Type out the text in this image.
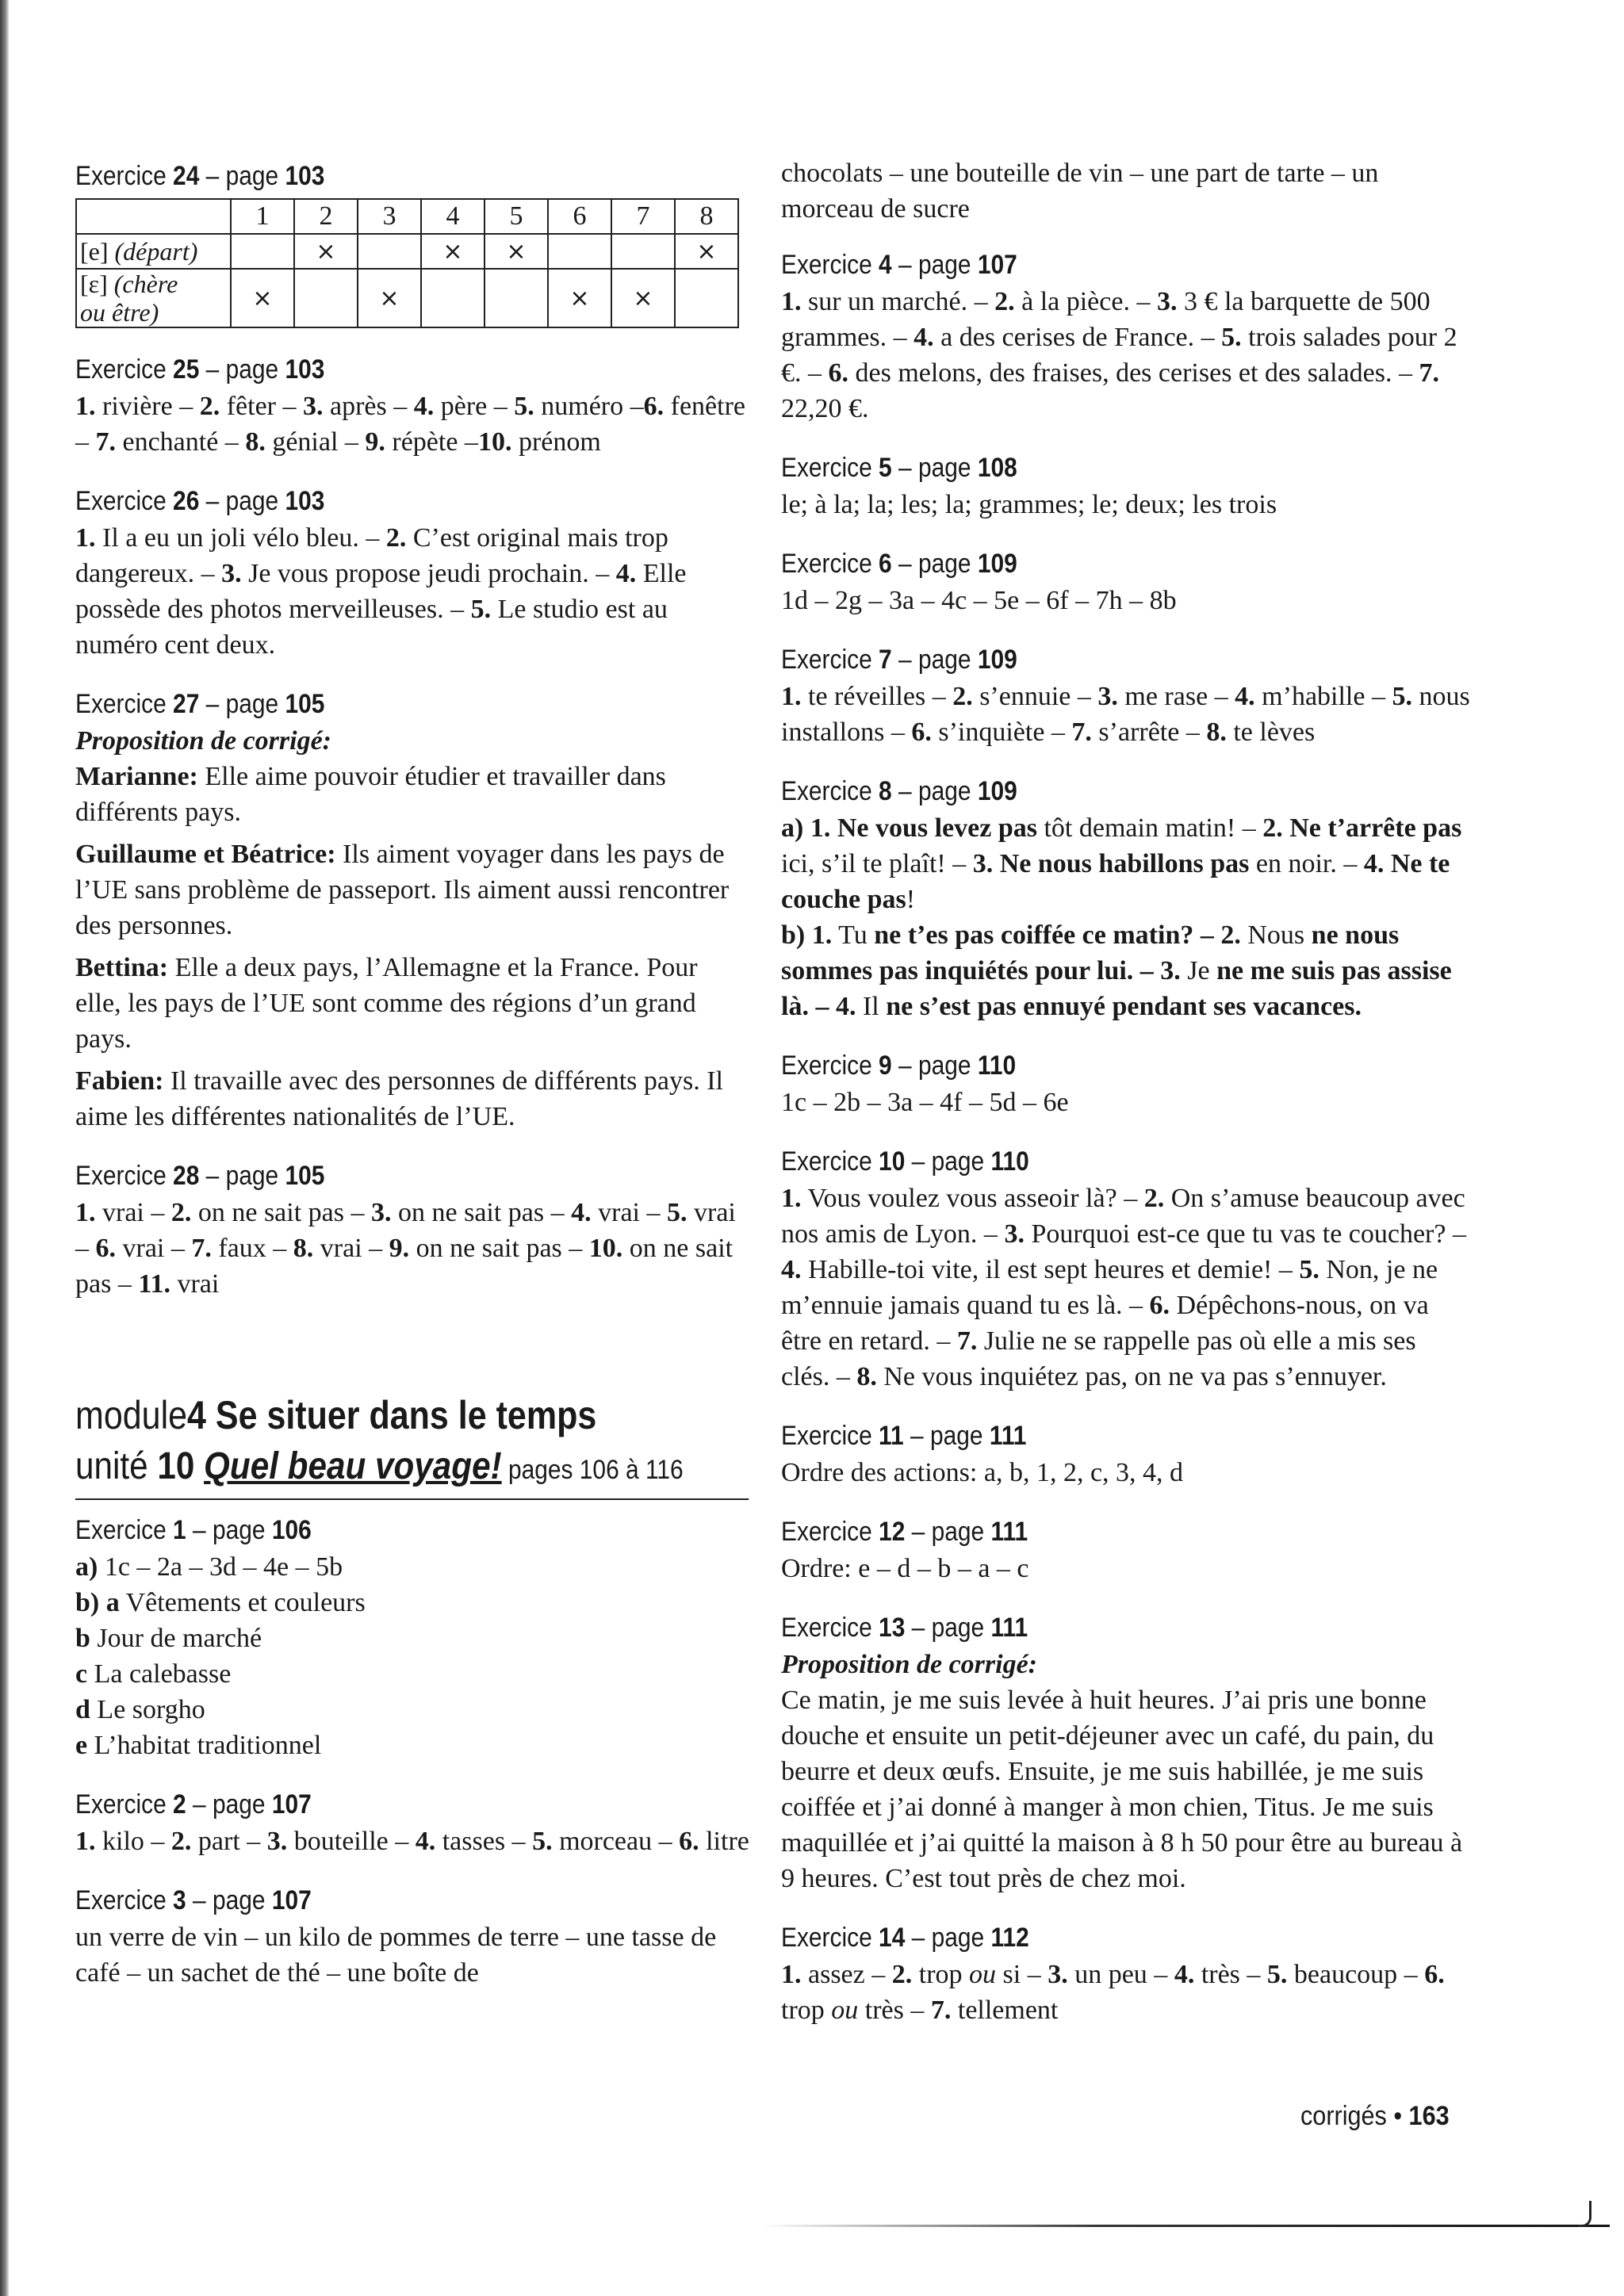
Exercice 24 – page 103
	1	2	3	4	5	6	7	8
[e] (départ)		×		×	×			×
[ɛ] (chère
ou être)	×		×			×	×	
Exercice 25 – page 103

1. rivière – 2. fêter – 3. après – 4. père – 5. numéro –6. fenêtre – 7. enchanté – 8. génial – 9. répète –10. prénom

Exercice 26 – page 103

1. Il a eu un joli vélo bleu. – 2. C’est original mais trop dangereux. – 3. Je vous propose jeudi prochain. – 4. Elle possède des photos merveilleuses. – 5. Le studio est au numéro cent deux.

Exercice 27 – page 105

Proposition de corrigé:

Marianne: Elle aime pouvoir étudier et travailler dans différents pays.

Guillaume et Béatrice: Ils aiment voyager dans les pays de l’UE sans problème de passeport. Ils aiment aussi rencontrer des personnes.

Bettina: Elle a deux pays, l’Allemagne et la France. Pour elle, les pays de l’UE sont comme des régions d’un grand pays.

Fabien: Il travaille avec des personnes de différents pays. Il aime les différentes nationalités de l’UE.

Exercice 28 – page 105

1. vrai – 2. on ne sait pas – 3. on ne sait pas – 4. vrai – 5. vrai – 6. vrai – 7. faux – 8. vrai – 9. on ne sait pas – 10. on ne sait pas – 11. vrai

module4 Se situer dans le temps
unité 10 Quel beau voyage! pages 106 à 116
Exercice 1 – page 106
a) 1c – 2a – 3d – 4e – 5b
b) a Vêtements et couleurs
b Jour de marché
c La calebasse
d Le sorgho
e L’habitat traditionnel
Exercice 2 – page 107

1. kilo – 2. part – 3. bouteille – 4. tasses – 5. morceau – 6. litre

Exercice 3 – page 107

un verre de vin – un kilo de pommes de terre – une tasse de café – un sachet de thé – une boîte de

chocolats – une bouteille de vin – une part de tarte – un morceau de sucre

Exercice 4 – page 107

1. sur un marché. – 2. à la pièce. – 3. 3 € la barquette de 500 grammes. – 4. a des cerises de France. – 5. trois salades pour 2 €. – 6. des melons, des fraises, des cerises et des salades. – 7. 22,20 €.

Exercice 5 – page 108

le; à la; la; les; la; grammes; le; deux; les trois

Exercice 6 – page 109

1d – 2g – 3a – 4c – 5e – 6f – 7h – 8b

Exercice 7 – page 109

1. te réveilles – 2. s’ennuie – 3. me rase – 4. m’habille – 5. nous installons – 6. s’inquiète – 7. s’arrête – 8. te lèves

Exercice 8 – page 109

a) 1. Ne vous levez pas tôt demain matin! – 2. Ne t’arrête pas ici, s’il te plaît! – 3. Ne nous habillons pas en noir. – 4. Ne te couche pas!

b) 1. Tu ne t’es pas coiffée ce matin? – 2. Nous ne nous sommes pas inquiétés pour lui. – 3. Je ne me suis pas assise là. – 4. Il ne s’est pas ennuyé pendant ses vacances.

Exercice 9 – page 110

1c – 2b – 3a – 4f – 5d – 6e

Exercice 10 – page 110

1. Vous voulez vous asseoir là? – 2. On s’amuse beaucoup avec nos amis de Lyon. – 3. Pourquoi est-ce que tu vas te coucher? – 4. Habille-toi vite, il est sept heures et demie! – 5. Non, je ne m’ennuie jamais quand tu es là. – 6. Dépêchons-nous, on va être en retard. – 7. Julie ne se rappelle pas où elle a mis ses clés. – 8. Ne vous inquiétez pas, on ne va pas s’ennuyer.

Exercice 11 – page 111

Ordre des actions: a, b, 1, 2, c, 3, 4, d

Exercice 12 – page 111

Ordre: e – d – b – a – c

Exercice 13 – page 111

Proposition de corrigé:

Ce matin, je me suis levée à huit heures. J’ai pris une bonne douche et ensuite un petit-déjeuner avec un café, du pain, du beurre et deux œufs. Ensuite, je me suis habillée, je me suis coiffée et j’ai donné à manger à mon chien, Titus. Je me suis maquillée et j’ai quitté la maison à 8 h 50 pour être au bureau à 9 heures. C’est tout près de chez moi.

Exercice 14 – page 112

1. assez – 2. trop ou si – 3. un peu – 4. très – 5. beaucoup – 6. trop ou très – 7. tellement

corrigés • 163
